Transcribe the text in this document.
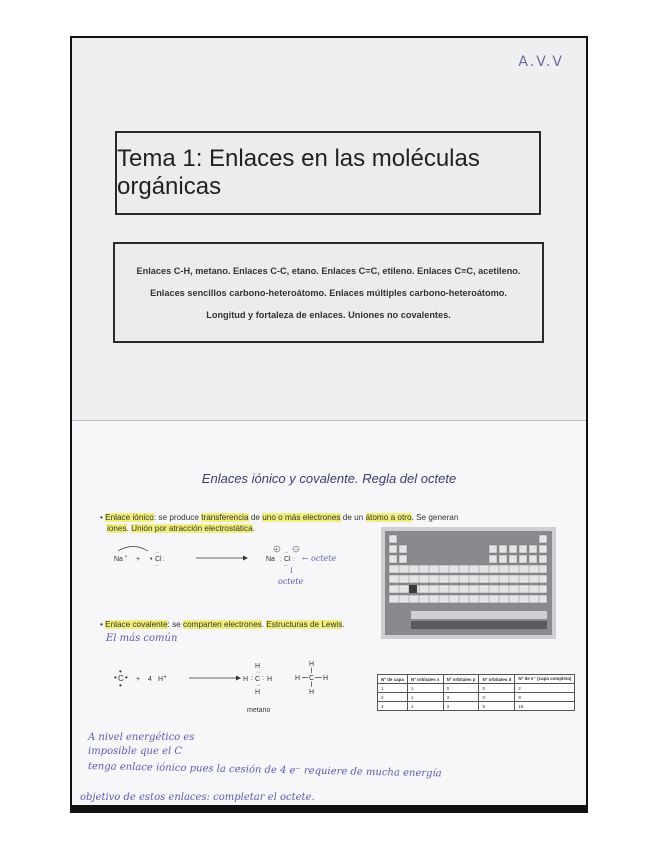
A.V.V
Tema 1: Enlaces en las moléculas orgánicas
Enlaces C-H, metano. Enlaces C-C, etano. Enlaces C=C, etileno. Enlaces C≡C, acetileno.
Enlaces sencillos carbono-heteroátomo. Enlaces múltiples carbono-heteroátomo.
Longitud y fortaleza de enlaces. Uniones no covalentes.
Enlaces iónico y covalente. Regla del octete
• Enlace iónico: se produce transferencia de uno o más electrones de un átomo a otro. Se generan
iones. Unión por atracción electrostática.
Na • + • Cl
··
··
:	Na
+
Cl
−
··
··
: : ← octete
↓
octete
• Enlace covalente: se comparten electrones. Estructuras de Lewis.
El más común
• C •
•
•
+ 4 H •
H
H : C : H
··
··
H
metano
H
H C H
H
Nº de capa	Nº orbitales s	Nº orbitales p	Nº orbitales d	Nº de e⁻ (capa completa)
1	1	0	0	2
2	1	3	0	8
3	1	3	5	18
A nivel energético es
imposible que el C
tenga enlace iónico pues la cesión de 4 e⁻ requiere de mucha energía
objetivo de estos enlaces: completar el octete.
